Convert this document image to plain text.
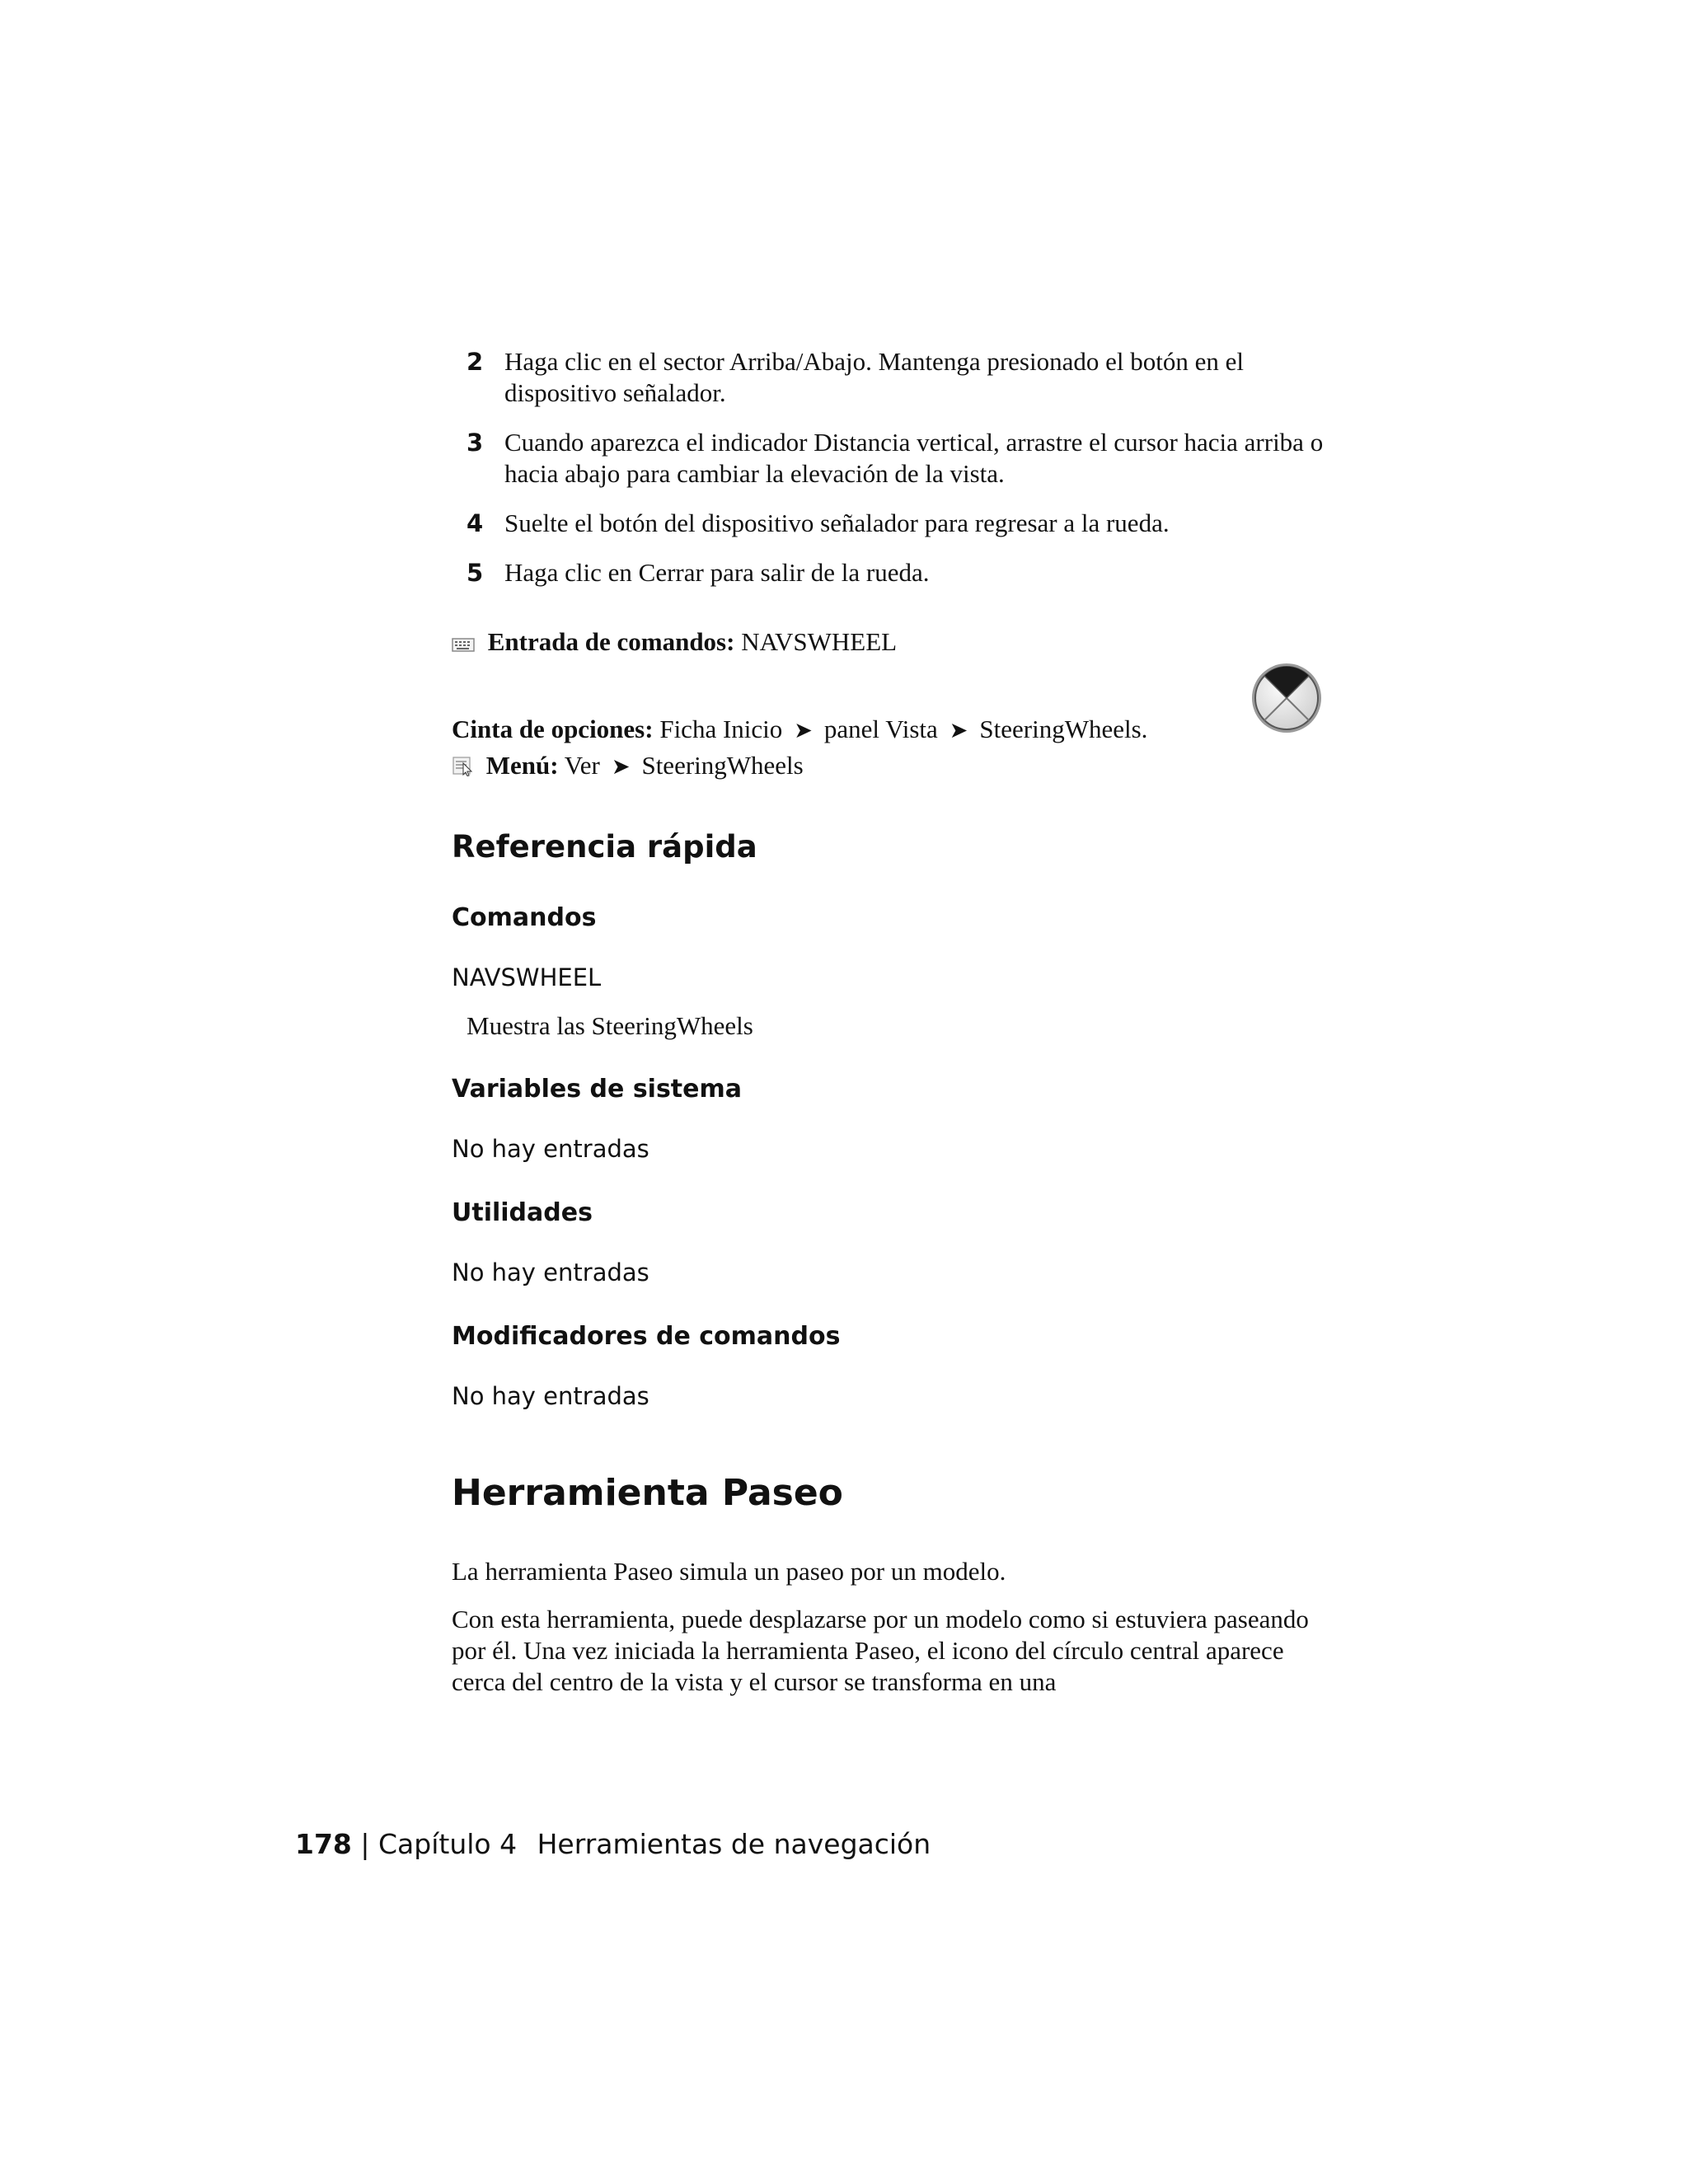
2 Haga clic en el sector Arriba/Abajo. Mantenga presionado el botón en el dispositivo señalador.
3 Cuando aparezca el indicador Distancia vertical, arrastre el cursor hacia arriba o hacia abajo para cambiar la elevación de la vista.
4 Suelte el botón del dispositivo señalador para regresar a la rueda.
5 Haga clic en Cerrar para salir de la rueda.
Entrada de comandos: NAVSWHEEL
Cinta de opciones: Ficha Inicio ➤ panel Vista ➤ SteeringWheels.
Menú: Ver ➤ SteeringWheels
Referencia rápida
Comandos
NAVSWHEEL
Muestra las SteeringWheels
Variables de sistema
No hay entradas
Utilidades
No hay entradas
Modificadores de comandos
No hay entradas
Herramienta Paseo
La herramienta Paseo simula un paseo por un modelo.
Con esta herramienta, puede desplazarse por un modelo como si estuviera paseando por él. Una vez iniciada la herramienta Paseo, el icono del círculo central aparece cerca del centro de la vista y el cursor se transforma en una
178 | Capítulo 4 Herramientas de navegación
